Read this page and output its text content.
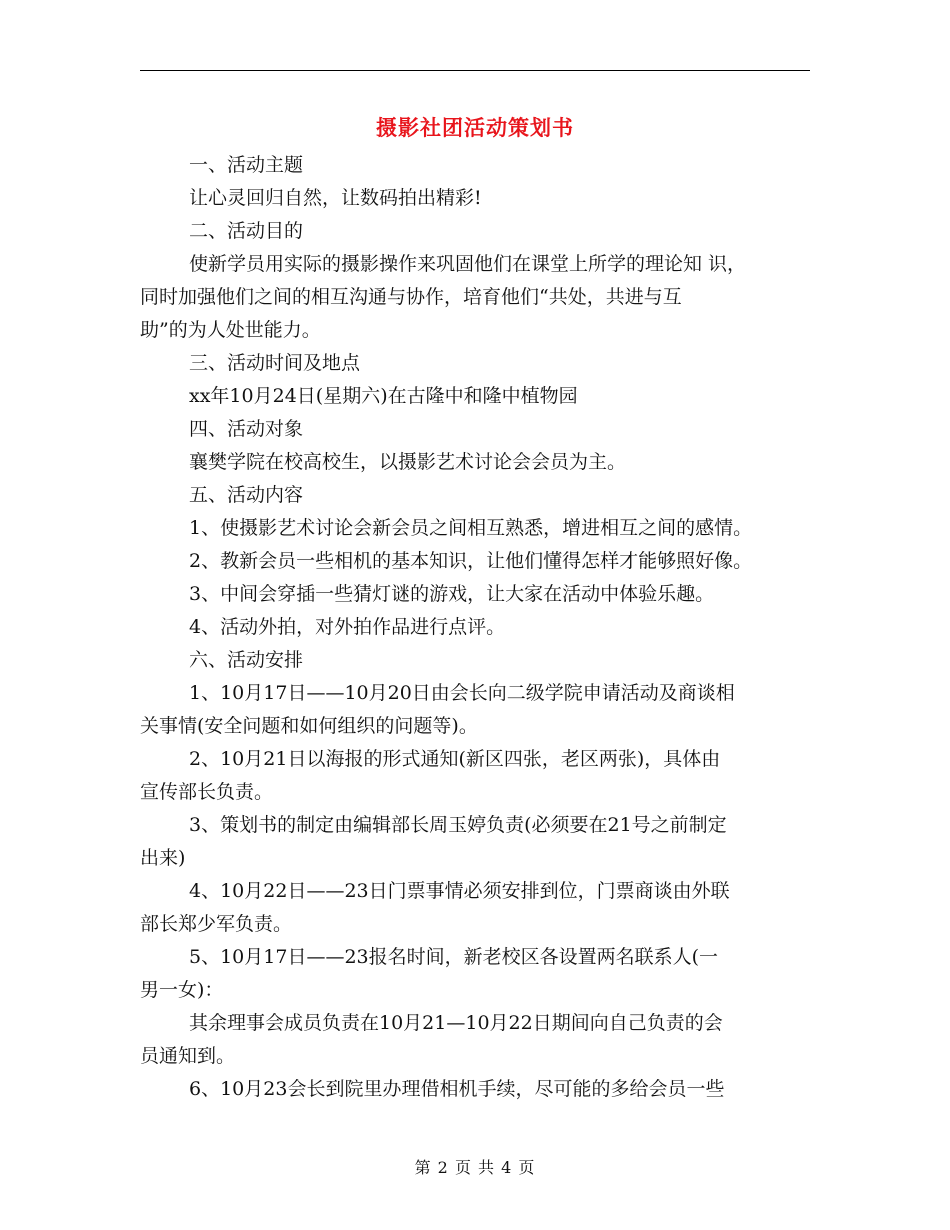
摄影社团活动策划书
一、活动主题
让心灵回归自然，让数码拍出精彩!
二、活动目的
使新学员用实际的摄影操作来巩固他们在课堂上所学的理论知 识，
同时加强他们之间的相互沟通与协作，培育他们“共处，共进与互
助”的为人处世能力。
三、活动时间及地点
xx年10月24日(星期六)在古隆中和隆中植物园
四、活动对象
襄樊学院在校高校生，以摄影艺术讨论会会员为主。
五、活动内容
1、使摄影艺术讨论会新会员之间相互熟悉，增进相互之间的感情。
2、教新会员一些相机的基本知识，让他们懂得怎样才能够照好像。
3、中间会穿插一些猜灯谜的游戏，让大家在活动中体验乐趣。
4、活动外拍，对外拍作品进行点评。
六、活动安排
1、10月17日——10月20日由会长向二级学院申请活动及商谈相
关事情(安全问题和如何组织的问题等)。
2、10月21日以海报的形式通知(新区四张，老区两张)，具体由
宣传部长负责。
3、策划书的制定由编辑部长周玉婷负责(必须要在21号之前制定
出来)
4、10月22日——23日门票事情必须安排到位，门票商谈由外联
部长郑少军负责。
5、10月17日——23报名时间，新老校区各设置两名联系人(一
男一女)：
其余理事会成员负责在10月21—10月22日期间向自己负责的会
员通知到。
6、10月23会长到院里办理借相机手续，尽可能的多给会员一些
第 2 页 共 4 页
